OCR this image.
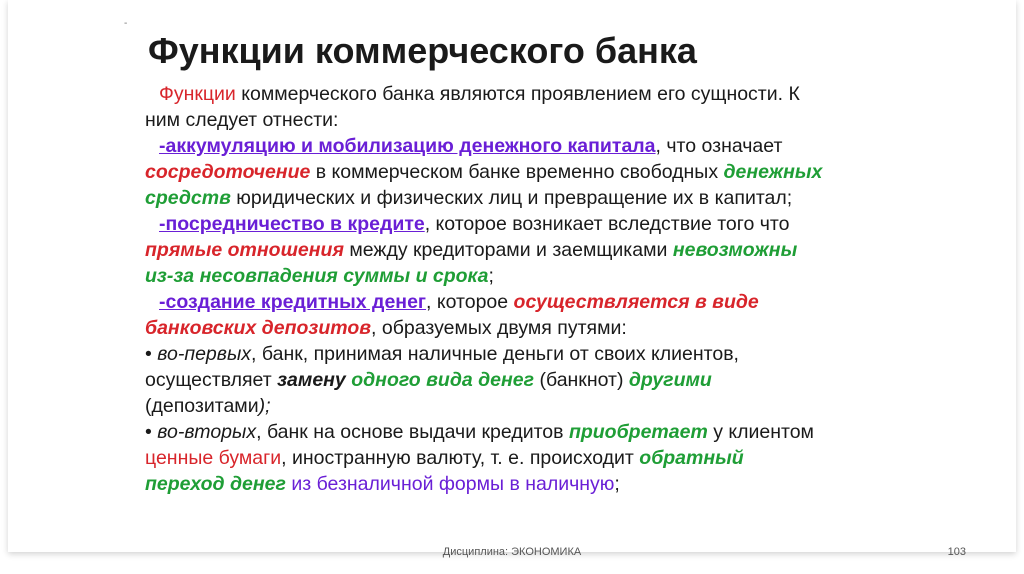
-
Функции коммерческого банка
Функции коммерческого банка являются проявлением его сущности. К
ним следует отнести:
-аккумуляцию и мобилизацию денежного капитала, что означает
сосредоточение в коммерческом банке временно свободных денежных
средств юридических и физических лиц и превращение их в капитал;
-посредничество в кредите, которое возникает вследствие того что
прямые отношения между кредиторами и заемщиками невозможны
из-за несовпадения суммы и срока;
-создание кредитных денег, которое осуществляется в виде
банковских депозитов, образуемых двумя путями:
• во-первых, банк, принимая наличные деньги от своих клиентов,
осуществляет замену одного вида денег (банкнот) другими
(депозитами);
• во-вторых, банк на основе выдачи кредитов приобретает у клиентом
ценные бумаги, иностранную валюту, т. е. происходит обратный
переход денег из безналичной формы в наличную;
Дисциплина: ЭКОНОМИКА	103
